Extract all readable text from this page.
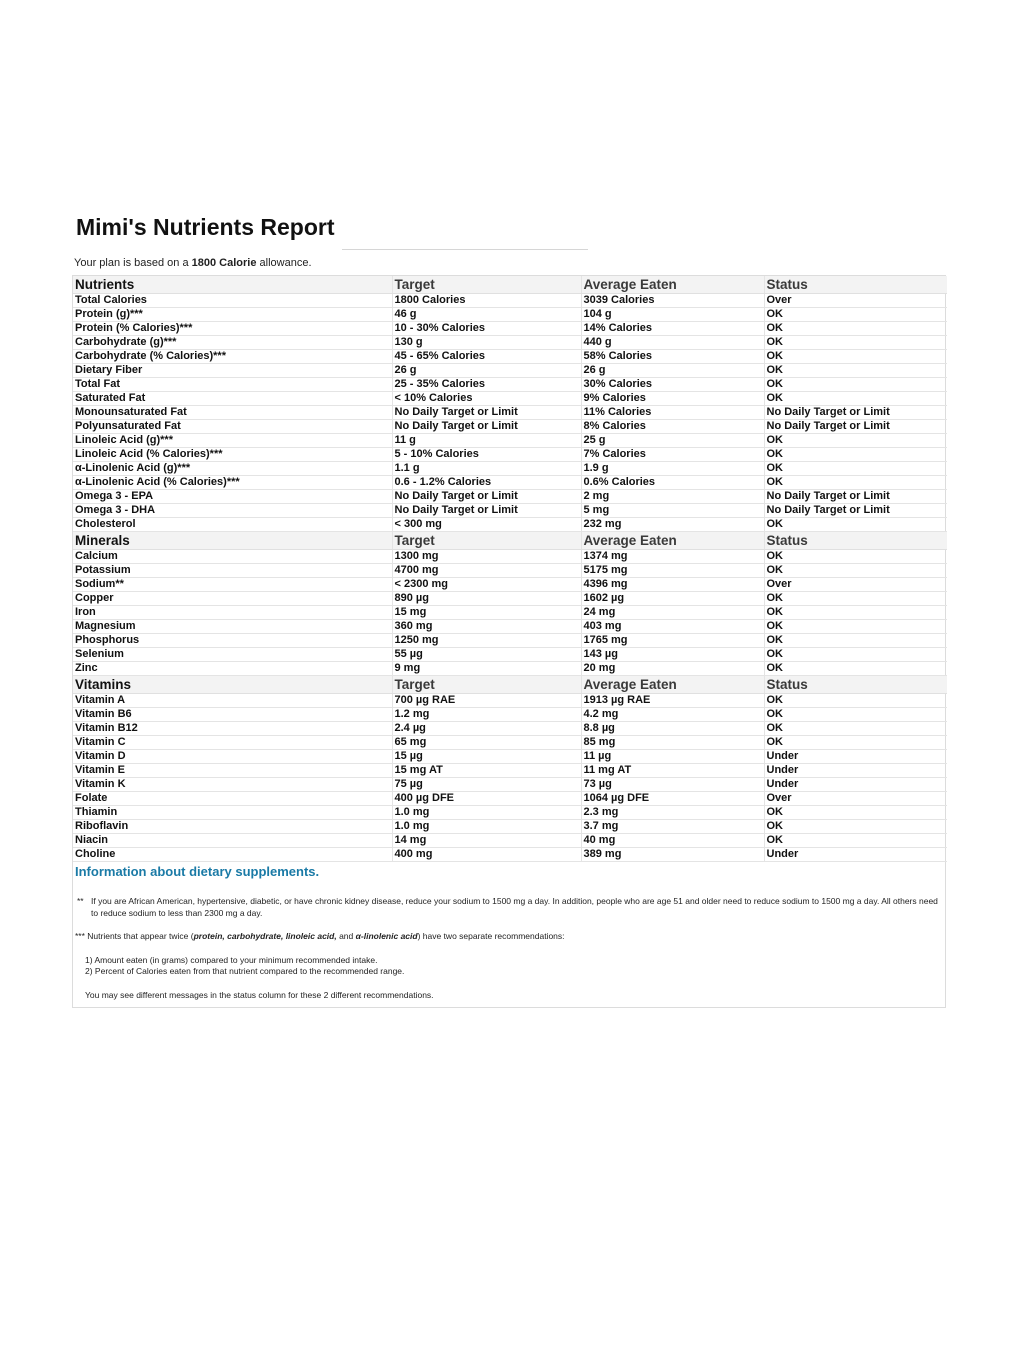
Mimi's Nutrients Report
Your plan is based on a 1800 Calorie allowance.
Nutrients	Target	Average Eaten	Status
Total Calories	1800 Calories	3039 Calories	Over
Protein (g)***	46 g	104 g	OK
Protein (% Calories)***	10 - 30% Calories	14% Calories	OK
Carbohydrate (g)***	130 g	440 g	OK
Carbohydrate (% Calories)***	45 - 65% Calories	58% Calories	OK
Dietary Fiber	26 g	26 g	OK
Total Fat	25 - 35% Calories	30% Calories	OK
Saturated Fat	< 10% Calories	9% Calories	OK
Monounsaturated Fat	No Daily Target or Limit	11% Calories	No Daily Target or Limit
Polyunsaturated Fat	No Daily Target or Limit	8% Calories	No Daily Target or Limit
Linoleic Acid (g)***	11 g	25 g	OK
Linoleic Acid (% Calories)***	5 - 10% Calories	7% Calories	OK
α-Linolenic Acid (g)***	1.1 g	1.9 g	OK
α-Linolenic Acid (% Calories)***	0.6 - 1.2% Calories	0.6% Calories	OK
Omega 3 - EPA	No Daily Target or Limit	2 mg	No Daily Target or Limit
Omega 3 - DHA	No Daily Target or Limit	5 mg	No Daily Target or Limit
Cholesterol	< 300 mg	232 mg	OK
Minerals	Target	Average Eaten	Status
Calcium	1300 mg	1374 mg	OK
Potassium	4700 mg	5175 mg	OK
Sodium**	< 2300 mg	4396 mg	Over
Copper	890 µg	1602 µg	OK
Iron	15 mg	24 mg	OK
Magnesium	360 mg	403 mg	OK
Phosphorus	1250 mg	1765 mg	OK
Selenium	55 µg	143 µg	OK
Zinc	9 mg	20 mg	OK
Vitamins	Target	Average Eaten	Status
Vitamin A	700 µg RAE	1913 µg RAE	OK
Vitamin B6	1.2 mg	4.2 mg	OK
Vitamin B12	2.4 µg	8.8 µg	OK
Vitamin C	65 mg	85 mg	OK
Vitamin D	15 µg	11 µg	Under
Vitamin E	15 mg AT	11 mg AT	Under
Vitamin K	75 µg	73 µg	Under
Folate	400 µg DFE	1064 µg DFE	Over
Thiamin	1.0 mg	2.3 mg	OK
Riboflavin	1.0 mg	3.7 mg	OK
Niacin	14 mg	40 mg	OK
Choline	400 mg	389 mg	Under
Information about dietary supplements.
** If you are African American, hypertensive, diabetic, or have chronic kidney disease, reduce your sodium to 1500 mg a day. In addition, people who are age 51 and older need to reduce sodium to 1500 mg a day. All others need to reduce sodium to less than 2300 mg a day.
*** Nutrients that appear twice (protein, carbohydrate, linoleic acid, and α-linolenic acid) have two separate recommendations:
1) Amount eaten (in grams) compared to your minimum recommended intake.
2) Percent of Calories eaten from that nutrient compared to the recommended range.
You may see different messages in the status column for these 2 different recommendations.
